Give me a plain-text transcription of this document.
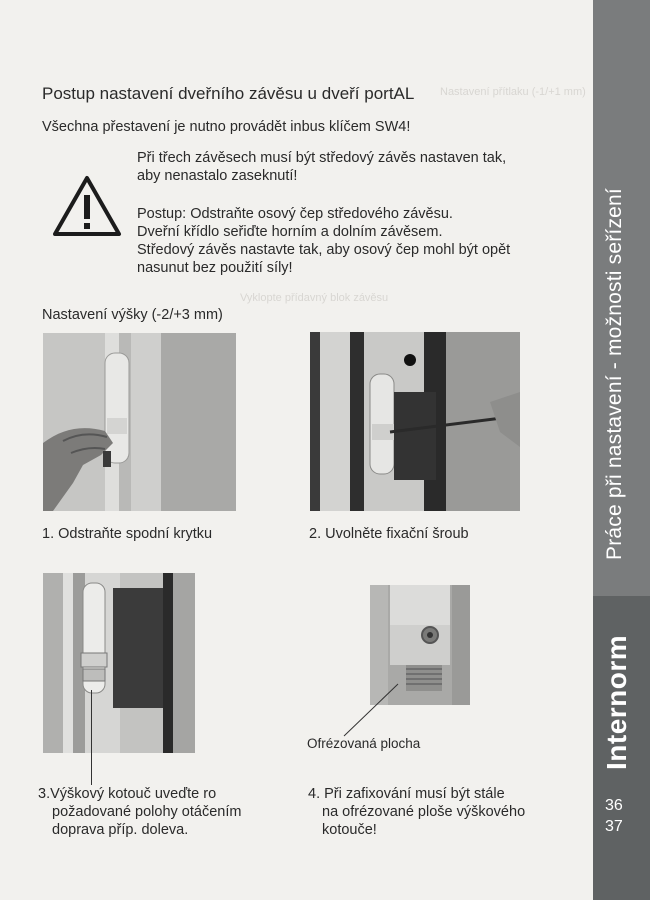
Nastavení přítlaku (-1/+1 mm)
Vyklopte přídavný blok závěsu
Postup nastavení dveřního závěsu u dveří portAL
Všechna přestavení je nutno provádět inbus klíčem SW4!
Při třech závěsech musí být středový závěs nastaven tak,
aby nenastalo zaseknutí!
Postup: Odstraňte osový čep středového závěsu.
Dveřní křídlo seřiďte horním a dolním závěsem.
Středový závěs nastavte tak, aby osový čep mohl být opět
nasunut bez použití síly!
Nastavení výšky (-2/+3 mm)
1. Odstraňte spodní krytku	2. Uvolněte fixační šroub
Ofrézovaná plocha
3.Výškový kotouč uveďte ro
požadované polohy otáčením
doprava příp. doleva.
4. Při zafixování musí být stále
na ofrézované ploše výškového
kotouče!
Práce při nastavení - možnosti seřízení
Internorm
36
37
